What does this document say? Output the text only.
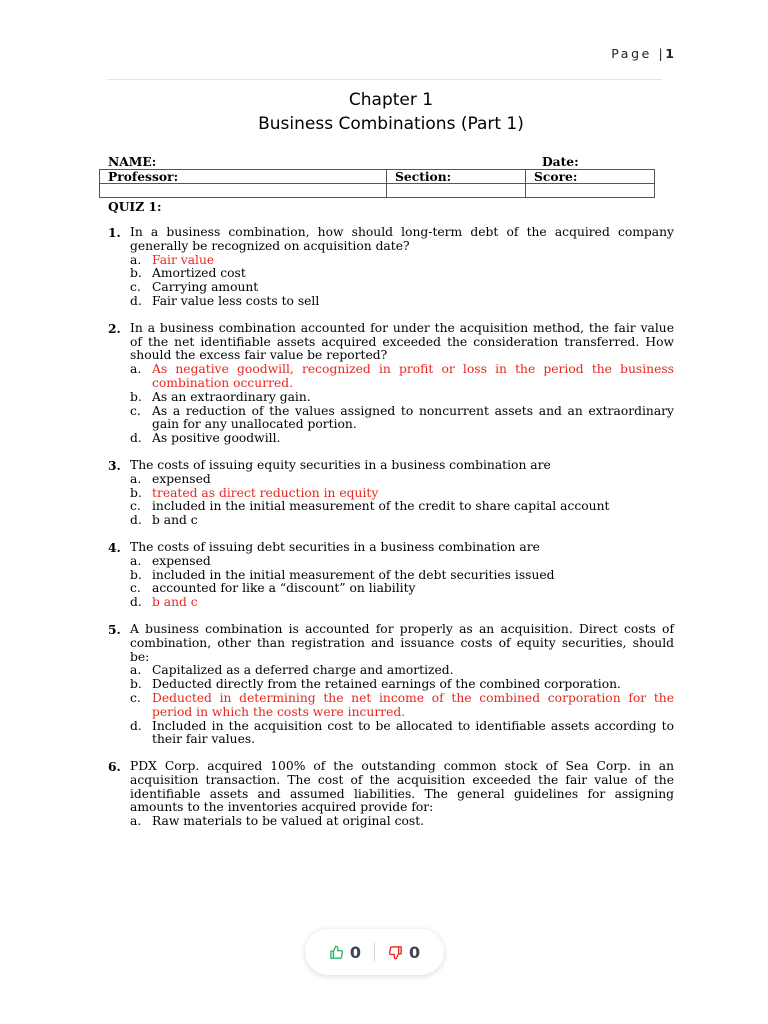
Page |1
Chapter 1
Business Combinations (Part 1)
NAME:	Date:
Professor:	Section:	Score:

QUIZ 1:
1. In a business combination, how should long-term debt of the acquired company generally be recognized on acquisition date?
a. Fair value
b. Amortized cost
c. Carrying amount
d. Fair value less costs to sell
2. In a business combination accounted for under the acquisition method, the fair value of the net identifiable assets acquired exceeded the consideration transferred. How should the excess fair value be reported?
a. As negative goodwill, recognized in profit or loss in the period the business combination occurred.
b. As an extraordinary gain.
c. As a reduction of the values assigned to noncurrent assets and an extraordinary gain for any unallocated portion.
d. As positive goodwill.
3. The costs of issuing equity securities in a business combination are
a. expensed
b. treated as direct reduction in equity
c. included in the initial measurement of the credit to share capital account
d. b and c
4. The costs of issuing debt securities in a business combination are
a. expensed
b. included in the initial measurement of the debt securities issued
c. accounted for like a “discount” on liability
d. b and c
5. A business combination is accounted for properly as an acquisition. Direct costs of combination, other than registration and issuance costs of equity securities, should be:
a. Capitalized as a deferred charge and amortized.
b. Deducted directly from the retained earnings of the combined corporation.
c. Deducted in determining the net income of the combined corporation for the period in which the costs were incurred.
d. Included in the acquisition cost to be allocated to identifiable assets according to their fair values.
6. PDX Corp. acquired 100% of the outstanding common stock of Sea Corp. in an acquisition transaction. The cost of the acquisition exceeded the fair value of the identifiable assets and assumed liabilities. The general guidelines for assigning amounts to the inventories acquired provide for:
a. Raw materials to be valued at original cost.
0	0
